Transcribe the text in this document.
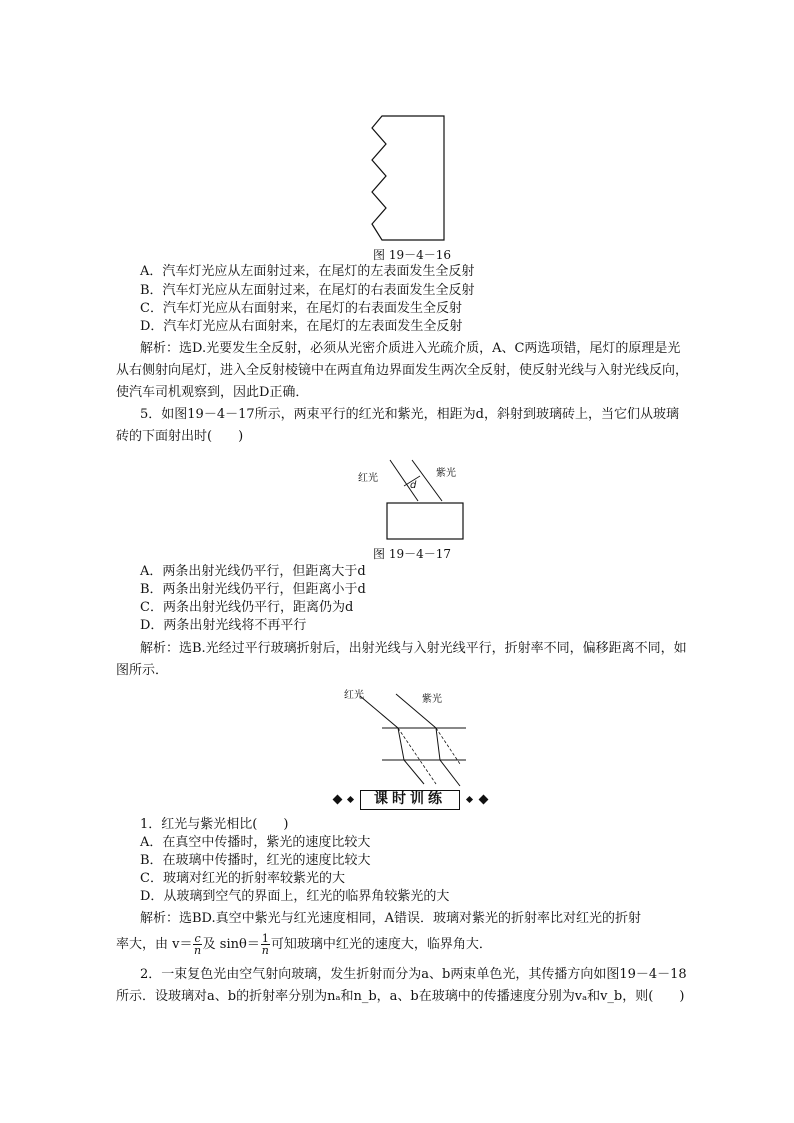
图 19－4－16
A．汽车灯光应从左面射过来，在尾灯的左表面发生全反射
B．汽车灯光应从左面射过来，在尾灯的右表面发生全反射
C．汽车灯光应从右面射来，在尾灯的右表面发生全反射
D．汽车灯光应从右面射来，在尾灯的左表面发生全反射
解析：选D.光要发生全反射，必须从光密介质进入光疏介质，A、C两选项错，尾灯的原理是光从右侧射向尾灯，进入全反射棱镜中在两直角边界面发生两次全反射，使反射光线与入射光线反向，使汽车司机观察到，因此D正确．
5．如图19－4－17所示，两束平行的红光和紫光，相距为d，斜射到玻璃砖上，当它们从玻璃砖的下面射出时(　　)
红光	紫光
d
图 19－4－17
A．两条出射光线仍平行，但距离大于d
B．两条出射光线仍平行，但距离小于d
C．两条出射光线仍平行，距离仍为d
D．两条出射光线将不再平行
解析：选B.光经过平行玻璃折射后，出射光线与入射光线平行，折射率不同，偏移距离不同，如图所示．
红光	紫光
课时训练
1．红光与紫光相比(　　)
A．在真空中传播时，紫光的速度比较大
B．在玻璃中传播时，红光的速度比较大
C．玻璃对红光的折射率较紫光的大
D．从玻璃到空气的界面上，红光的临界角较紫光的大
解析：选BD.真空中紫光与红光速度相同，A错误．玻璃对紫光的折射率比对红光的折射
率大，由 $v= \frac{c}{n}$ 及 $\sin\theta= \frac{1}{n}$ 可知玻璃中红光的速度大，临界角大．
2．一束复色光由空气射向玻璃，发生折射而分为a、b两束单色光，其传播方向如图19－4－18所示．设玻璃对a、b的折射率分别为nₐ和n_b，a、b在玻璃中的传播速度分别为vₐ和v_b，则(　　)
